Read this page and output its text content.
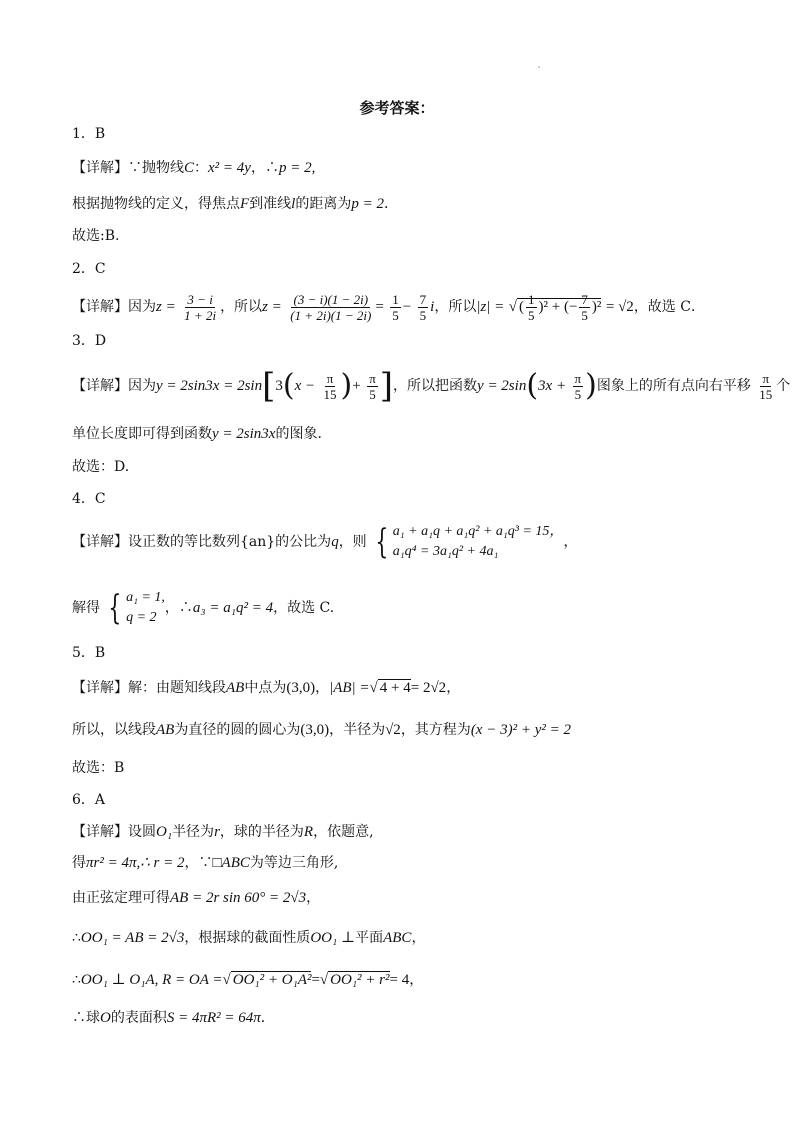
参考答案：
1．B
【详解】∵抛物线C：x² = 4y，∴p = 2,
根据抛物线的定义，得焦点F到准线l的距离为p = 2．
故选:B.
2．C
【详解】因为$z = \frac{3 - i}{1 + 2i}$ ，所以$z = \frac{(3 - i)(1 - 2i)}{(1 + 2i)(1 - 2i)} = \frac{1}{5} - \frac{7}{5}$ i，所以|z| = √ ( $\frac{1}{5} )^2$ + (− $\frac{7}{5} )^2 = √2$，故选 C．
3．D
【详解】因为$y = 2\sin 3x = 2\sin[3(x - \frac{\pi}{15}$ )+ $\frac{\pi}{5}$ ]，所以把函数$y = 2\sin(3x + \frac{\pi}{5}$ )图象上的所有点向右平移 $\frac{\pi}{15}$ 个
单位长度即可得到函数y = 2sin3x的图象．
故选：D.
4．C
【详解】设正数的等比数列{an}的公比为q，则 { a₁ + a₁q + a₁q² + a₁q³ = 15，
a₁q⁴ = 3a₁q² + 4a₁
，
解得 { a₁ = 1,
q = 2
，∴a₃ = a₁q² = 4，故选 C.
5．B
【详解】解：由题知线段AB中点为(3,0)，|AB| =√ 4 + 4= 2√2，
所以，以线段AB为直径的圆的圆心为(3,0)，半径为√2，其方程为(x − 3)² + y² = 2
故选：B
6．A
【详解】设圆O₁半径为r，球的半径为R，依题意,
得πr² = 4π,∴ r = 2，∵□ABC为等边三角形,
由正弦定理可得AB = 2r sin 60° = 2√3，
∴OO₁ = AB = 2√3，根据球的截面性质OO₁ ⊥平面ABC，
∴OO₁ ⊥ O₁A, R = OA =√ OO₁² + O₁A²=√ OO₁² + r²= 4，
∴球O的表面积S = 4πR² = 64π．
